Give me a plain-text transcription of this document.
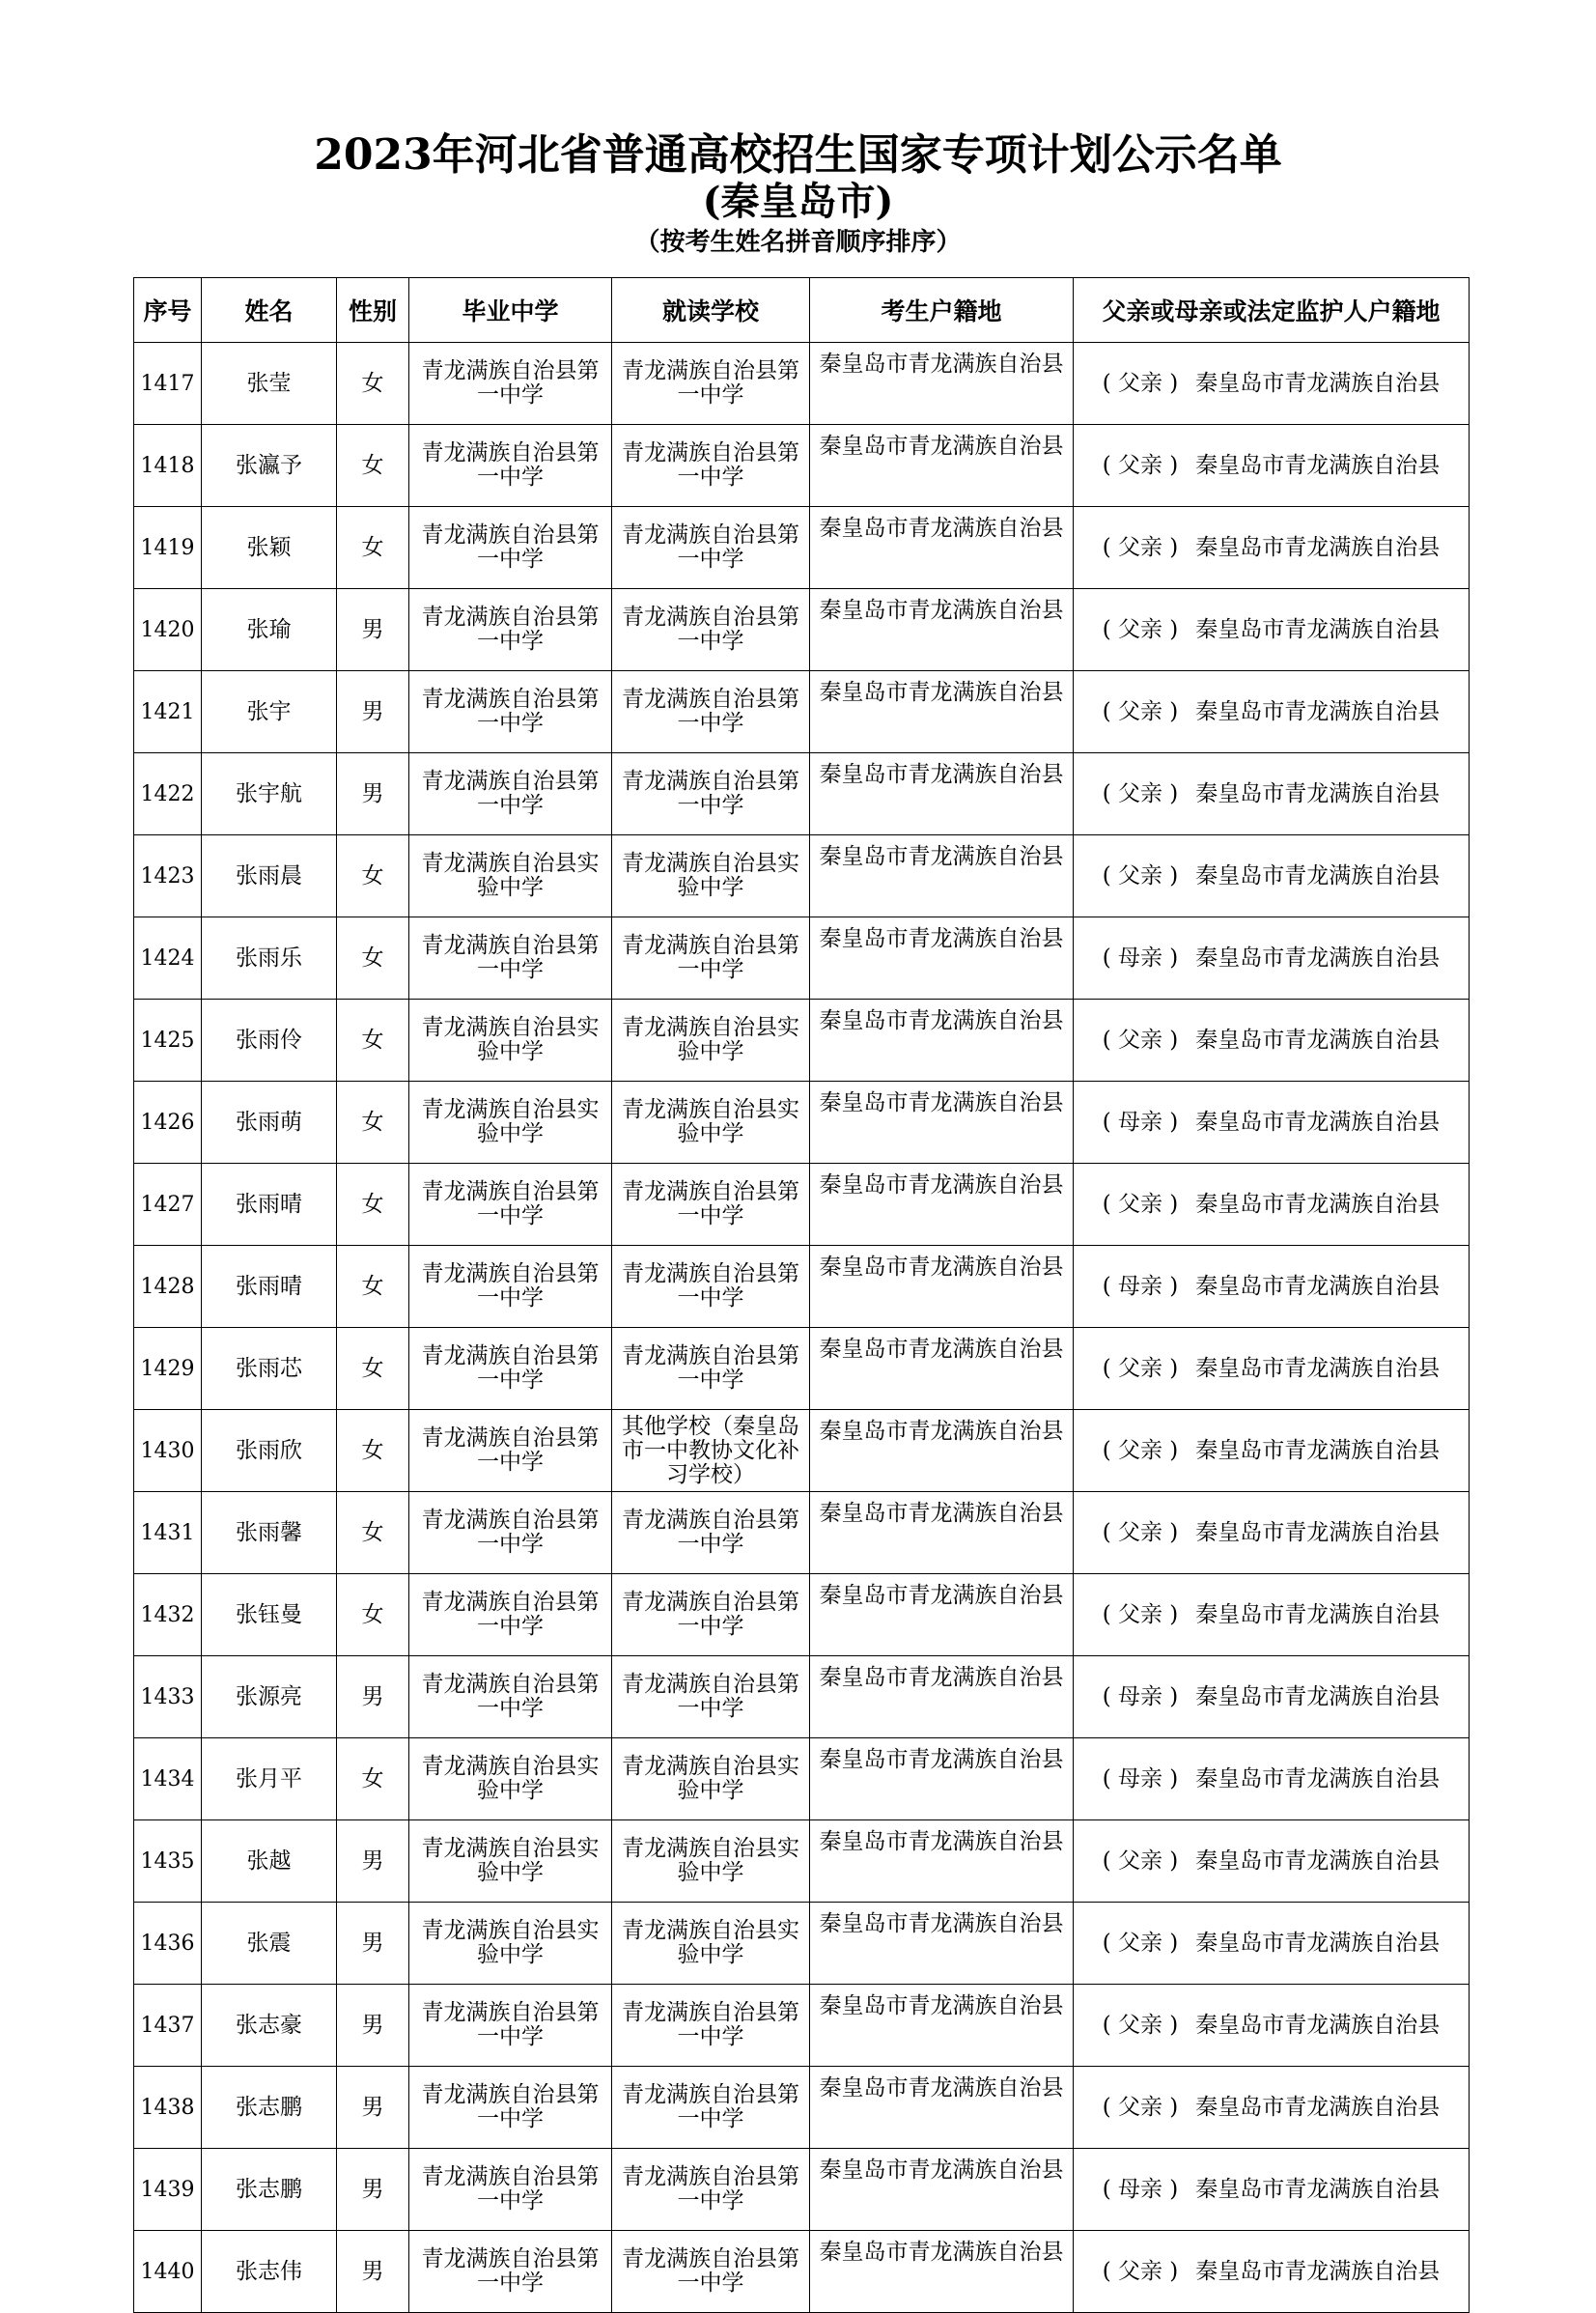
2023年河北省普通高校招生国家专项计划公示名单
(秦皇岛市)
（按考生姓名拼音顺序排序）
序号	姓名	性别	毕业中学	就读学校	考生户籍地	父亲或母亲或法定监护人户籍地
1417	张莹	女	青龙满族自治县第一中学	青龙满族自治县第一中学	秦皇岛市青龙满族自治县	( 父亲 ) 秦皇岛市青龙满族自治县
1418	张瀛予	女	青龙满族自治县第一中学	青龙满族自治县第一中学	秦皇岛市青龙满族自治县	( 父亲 ) 秦皇岛市青龙满族自治县
1419	张颖	女	青龙满族自治县第一中学	青龙满族自治县第一中学	秦皇岛市青龙满族自治县	( 父亲 ) 秦皇岛市青龙满族自治县
1420	张瑜	男	青龙满族自治县第一中学	青龙满族自治县第一中学	秦皇岛市青龙满族自治县	( 父亲 ) 秦皇岛市青龙满族自治县
1421	张宇	男	青龙满族自治县第一中学	青龙满族自治县第一中学	秦皇岛市青龙满族自治县	( 父亲 ) 秦皇岛市青龙满族自治县
1422	张宇航	男	青龙满族自治县第一中学	青龙满族自治县第一中学	秦皇岛市青龙满族自治县	( 父亲 ) 秦皇岛市青龙满族自治县
1423	张雨晨	女	青龙满族自治县实验中学	青龙满族自治县实验中学	秦皇岛市青龙满族自治县	( 父亲 ) 秦皇岛市青龙满族自治县
1424	张雨乐	女	青龙满族自治县第一中学	青龙满族自治县第一中学	秦皇岛市青龙满族自治县	( 母亲 ) 秦皇岛市青龙满族自治县
1425	张雨伶	女	青龙满族自治县实验中学	青龙满族自治县实验中学	秦皇岛市青龙满族自治县	( 父亲 ) 秦皇岛市青龙满族自治县
1426	张雨萌	女	青龙满族自治县实验中学	青龙满族自治县实验中学	秦皇岛市青龙满族自治县	( 母亲 ) 秦皇岛市青龙满族自治县
1427	张雨晴	女	青龙满族自治县第一中学	青龙满族自治县第一中学	秦皇岛市青龙满族自治县	( 父亲 ) 秦皇岛市青龙满族自治县
1428	张雨晴	女	青龙满族自治县第一中学	青龙满族自治县第一中学	秦皇岛市青龙满族自治县	( 母亲 ) 秦皇岛市青龙满族自治县
1429	张雨芯	女	青龙满族自治县第一中学	青龙满族自治县第一中学	秦皇岛市青龙满族自治县	( 父亲 ) 秦皇岛市青龙满族自治县
1430	张雨欣	女	青龙满族自治县第一中学	其他学校（秦皇岛市一中教协文化补习学校）	秦皇岛市青龙满族自治县	( 父亲 ) 秦皇岛市青龙满族自治县
1431	张雨馨	女	青龙满族自治县第一中学	青龙满族自治县第一中学	秦皇岛市青龙满族自治县	( 父亲 ) 秦皇岛市青龙满族自治县
1432	张钰曼	女	青龙满族自治县第一中学	青龙满族自治县第一中学	秦皇岛市青龙满族自治县	( 父亲 ) 秦皇岛市青龙满族自治县
1433	张源亮	男	青龙满族自治县第一中学	青龙满族自治县第一中学	秦皇岛市青龙满族自治县	( 母亲 ) 秦皇岛市青龙满族自治县
1434	张月平	女	青龙满族自治县实验中学	青龙满族自治县实验中学	秦皇岛市青龙满族自治县	( 母亲 ) 秦皇岛市青龙满族自治县
1435	张越	男	青龙满族自治县实验中学	青龙满族自治县实验中学	秦皇岛市青龙满族自治县	( 父亲 ) 秦皇岛市青龙满族自治县
1436	张震	男	青龙满族自治县实验中学	青龙满族自治县实验中学	秦皇岛市青龙满族自治县	( 父亲 ) 秦皇岛市青龙满族自治县
1437	张志豪	男	青龙满族自治县第一中学	青龙满族自治县第一中学	秦皇岛市青龙满族自治县	( 父亲 ) 秦皇岛市青龙满族自治县
1438	张志鹏	男	青龙满族自治县第一中学	青龙满族自治县第一中学	秦皇岛市青龙满族自治县	( 父亲 ) 秦皇岛市青龙满族自治县
1439	张志鹏	男	青龙满族自治县第一中学	青龙满族自治县第一中学	秦皇岛市青龙满族自治县	( 母亲 ) 秦皇岛市青龙满族自治县
1440	张志伟	男	青龙满族自治县第一中学	青龙满族自治县第一中学	秦皇岛市青龙满族自治县	( 父亲 ) 秦皇岛市青龙满族自治县
